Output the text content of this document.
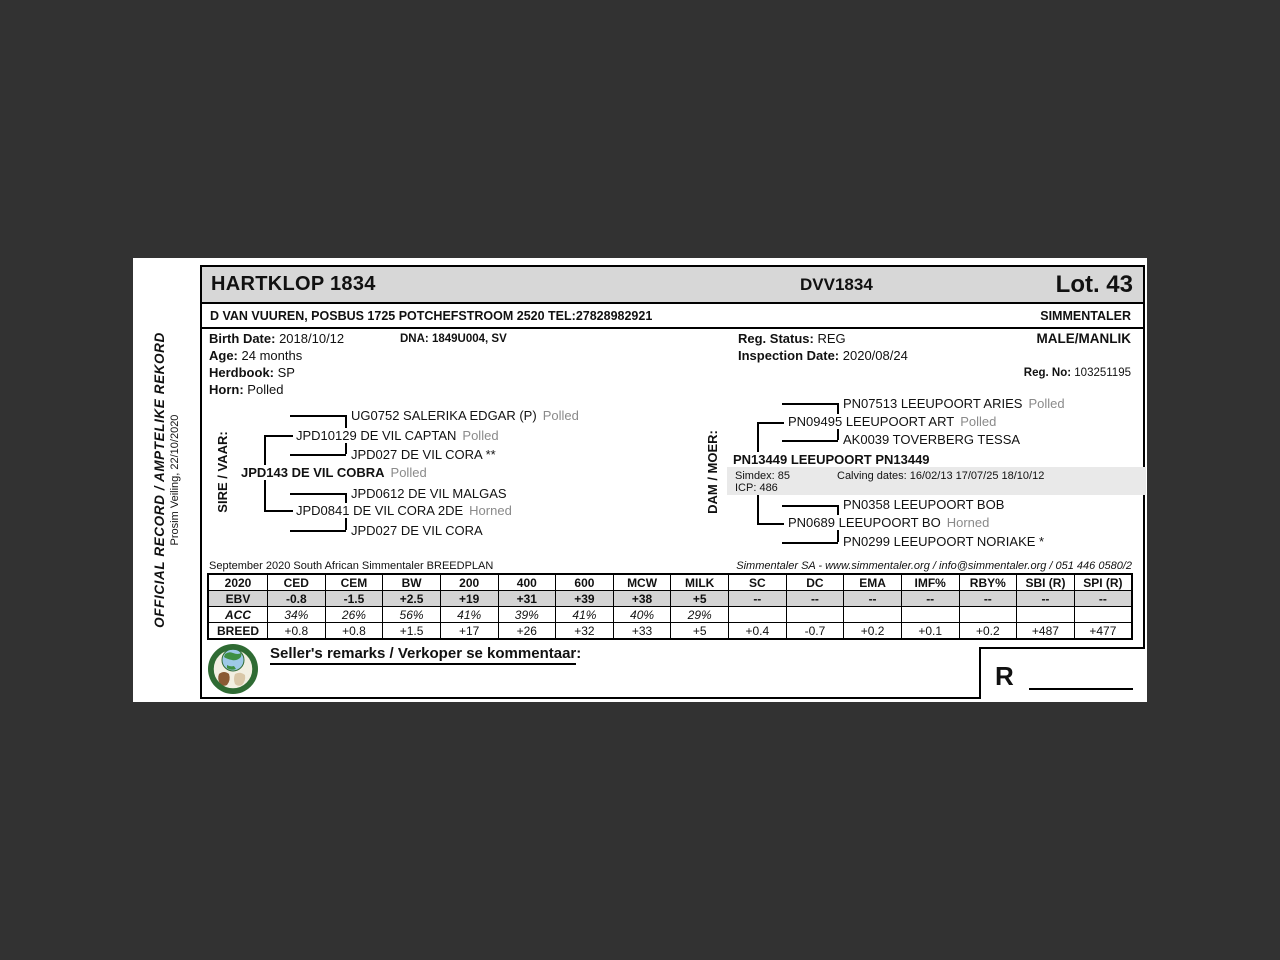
OFFICIAL RECORD / AMPTELIKE REKORD Prosim Veiling, 22/10/2020
HARTKLOP 1834	DVV1834	Lot. 43
D VAN VUUREN, POSBUS 1725 POTCHEFSTROOM 2520 TEL:27828982921	SIMMENTALER
Birth Date: 2018/10/12	DNA: 1849U004, SV	Reg. Status: REG	MALE/MANLIK
Age: 24 months	Inspection Date: 2020/08/24
Herdbook: SP	Reg. No: 103251195
Horn: Polled
SIRE / VAAR:
UG0752 SALERIKA EDGAR (P) Polled
JPD10129 DE VIL CAPTAN Polled
JPD027 DE VIL CORA **
JPD143 DE VIL COBRA Polled
JPD0612 DE VIL MALGAS
JPD0841 DE VIL CORA 2DE Horned
JPD027 DE VIL CORA
DAM / MOER:
PN07513 LEEUPOORT ARIES Polled
PN09495 LEEUPOORT ART Polled
AK0039 TOVERBERG TESSA
PN13449 LEEUPOORT PN13449
Simdex: 85	Calving dates: 16/02/13 17/07/25 18/10/12
ICP: 486
PN0358 LEEUPOORT BOB
PN0689 LEEUPOORT BO Horned
PN0299 LEEUPOORT NORIAKE *
September 2020 South African Simmentaler BREEDPLAN	Simmentaler SA - www.simmentaler.org / info@simmentaler.org / 051 446 0580/2
2020	CED	CEM	BW	200	400	600	MCW	MILK	SC	DC	EMA	IMF%	RBY%	SBI (R)	SPI (R)
EBV	-0.8	-1.5	+2.5	+19	+31	+39	+38	+5	--	--	--	--	--	--	--
ACC	34%	26%	56%	41%	39%	41%	40%	29%							
BREED	+0.8	+0.8	+1.5	+17	+26	+32	+33	+5	+0.4	-0.7	+0.2	+0.1	+0.2	+487	+477
Seller's remarks / Verkoper se kommentaar:
R
